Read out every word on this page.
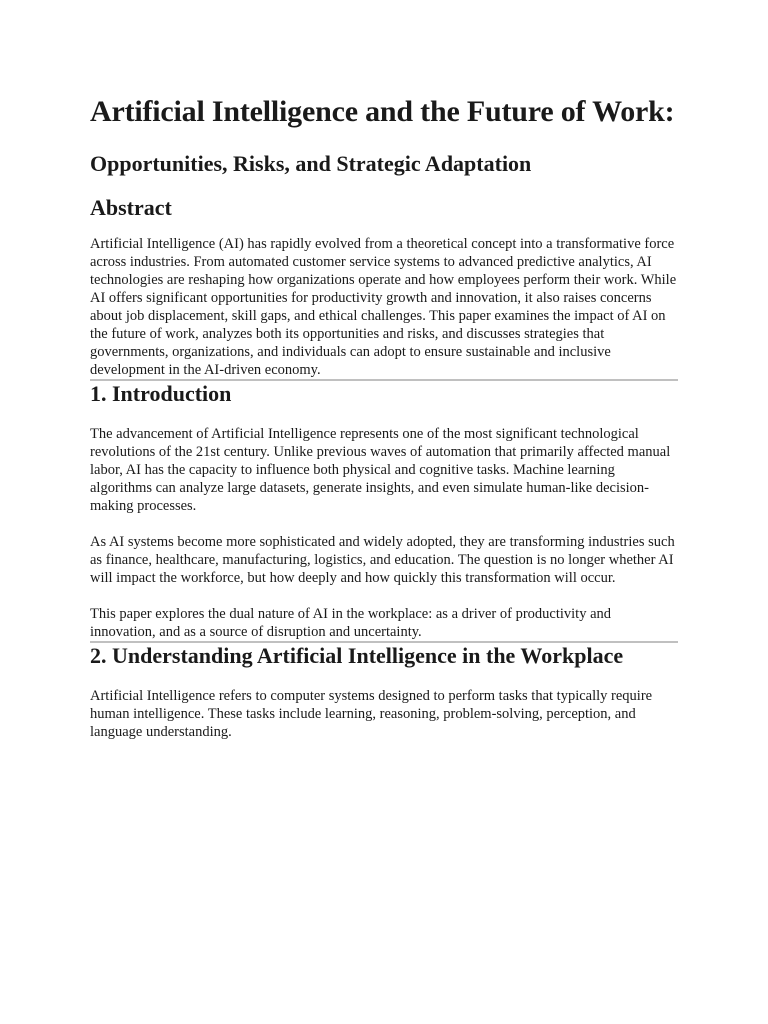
Artificial Intelligence and the Future of Work:
Opportunities, Risks, and Strategic Adaptation
Abstract

Artificial Intelligence (AI) has rapidly evolved from a theoretical concept into a transformative force across industries. From automated customer service systems to advanced predictive analytics, AI technologies are reshaping how organizations operate and how employees perform their work. While AI offers significant opportunities for productivity growth and innovation, it also raises concerns about job displacement, skill gaps, and ethical challenges. This paper examines the impact of AI on the future of work, analyzes both its opportunities and risks, and discusses strategies that governments, organizations, and individuals can adopt to ensure sustainable and inclusive development in the AI-driven economy.

1. Introduction

The advancement of Artificial Intelligence represents one of the most significant technological revolutions of the 21st century. Unlike previous waves of automation that primarily affected manual labor, AI has the capacity to influence both physical and cognitive tasks. Machine learning algorithms can analyze large datasets, generate insights, and even simulate human-like decision-making processes.

As AI systems become more sophisticated and widely adopted, they are transforming industries such as finance, healthcare, manufacturing, logistics, and education. The question is no longer whether AI will impact the workforce, but how deeply and how quickly this transformation will occur.

This paper explores the dual nature of AI in the workplace: as a driver of productivity and innovation, and as a source of disruption and uncertainty.

2. Understanding Artificial Intelligence in the Workplace

Artificial Intelligence refers to computer systems designed to perform tasks that typically require human intelligence. These tasks include learning, reasoning, problem-solving, perception, and language understanding.
